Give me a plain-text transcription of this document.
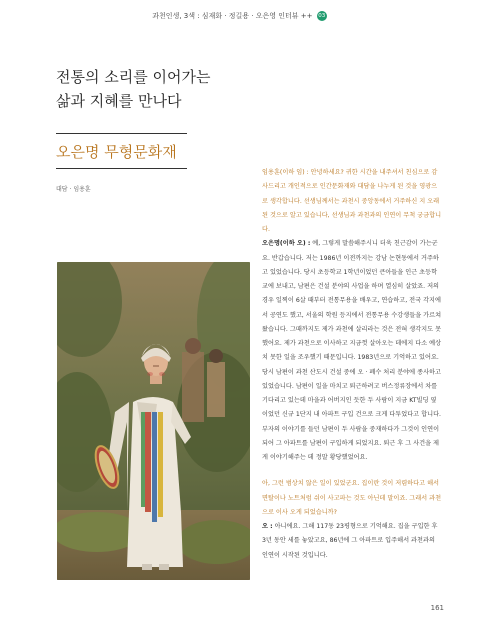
과천인생, 3색 : 심재화 · 정길용 · 오은영 인터뷰 ++ 03
전통의 소리를 이어가는
삶과 지혜를 만나다
오은명 무형문화재
대담 · 임용훈

임용훈(이하 임) : 안녕하세요? 귀한 시간을 내주셔서 친심으로 감사드리고 개인적으로 인간문화재와 대담을 나누게 된 것을 영광으로 생각합니다. 선생님께서는 과천시 중앙동에서 거주하신 지 오래된 것으로 알고 있습니다, 선생님과 과천과의 인연이 무척 궁금합니다.

오은명(이하 오) : 예, 그렇게 말씀해주시니 더욱 친근감이 가는군요. 반갑습니다. 저는 1986년 이전까지는 강남 논현동에서 거주하고 있었습니다. 당시 초등학교 1학년이었던 큰아들을 인근 초등학교에 보내고, 남편은 건설 분야의 사업을 하며 열심히 살았죠. 저의 경우 일찍이 6살 때부터 전통무용을 배우고, 연습하고, 전국 각지에서 공연도 했고, 서울의 학원 등지에서 전통무용 수강생들을 가르쳐왔습니다. 그때까지도 제가 과천에 살리라는 것은 전혀 생각지도 못했어요. 제가 과천으로 이사하고 지금껏 살아오는 데에지 다소 예상치 못한 일을 조우했기 때문입니다. 1983년으로 기억하고 있어요. 당시 남편이 과천 산도시 건설 중에 오 · 폐수 처리 분야에 종사하고 있었습니다. 남편이 일을 마치고 퇴근하려고 버스정류장에서 차를 기다리고 있는데 마을과 어버지인 듯한 두 사람이 지금 KT빌딩 옆이었던 신규 1단지 내 아파트 구입 건으로 크게 다투었다고 합니다. 부자의 이야기를 들던 남편이 두 사람을 중재하다가 그것이 인연이 되어 그 아파트를 남편이 구입하게 되었지요. 퇴근 후 그 사건을 제게 이야기해주는 데 정말 황당했었어요.

아, 그런 범상치 않은 일이 있었군요. 집이란 것이 저렴하다고 해서 면탈이나 노트처럼 쉬이 사고파는 것도 아닌데 말이죠. 그래서 과천으로 이사 오게 되었습니까?

오 : 아니에요. 그해 117동 23평형으로 기억해요. 집을 구입한 후 3년 동안 세를 놓았고요, 86년에 그 아파트로 입주해서 과천과의 인연이 시작된 것입니다.

161
